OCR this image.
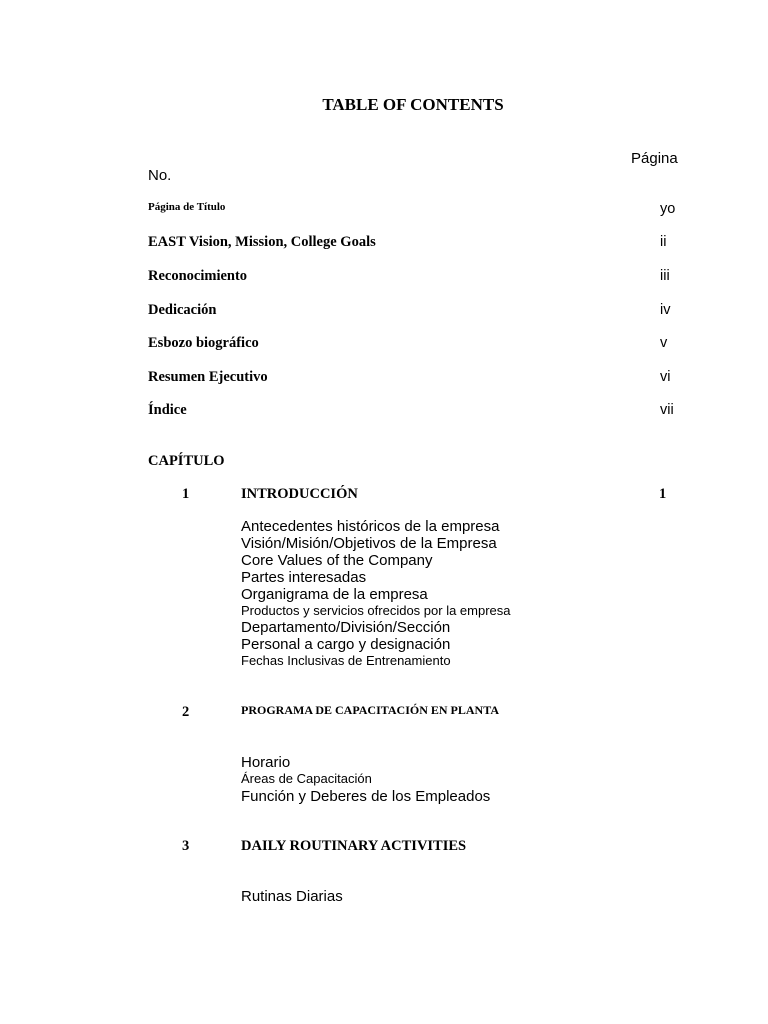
TABLE OF CONTENTS
Página
No.
Página de Título	yo
EAST Vision, Mission, College Goals	ii
Reconocimiento	iii
Dedicación	iv
Esbozo biográfico	v
Resumen Ejecutivo	vi
Índice	vii
CAPÍTULO
1	INTRODUCCIÓN	1
Antecedentes históricos de la empresa
Visión/Misión/Objetivos de la Empresa
Core Values of the Company
Partes interesadas
Organigrama de la empresa
Productos y servicios ofrecidos por la empresa
Departamento/División/Sección
Personal a cargo y designación
Fechas Inclusivas de Entrenamiento
2	PROGRAMA DE CAPACITACIÓN EN PLANTA
Horario
Áreas de Capacitación
Función y Deberes de los Empleados
3	DAILY ROUTINARY ACTIVITIES
Rutinas Diarias
